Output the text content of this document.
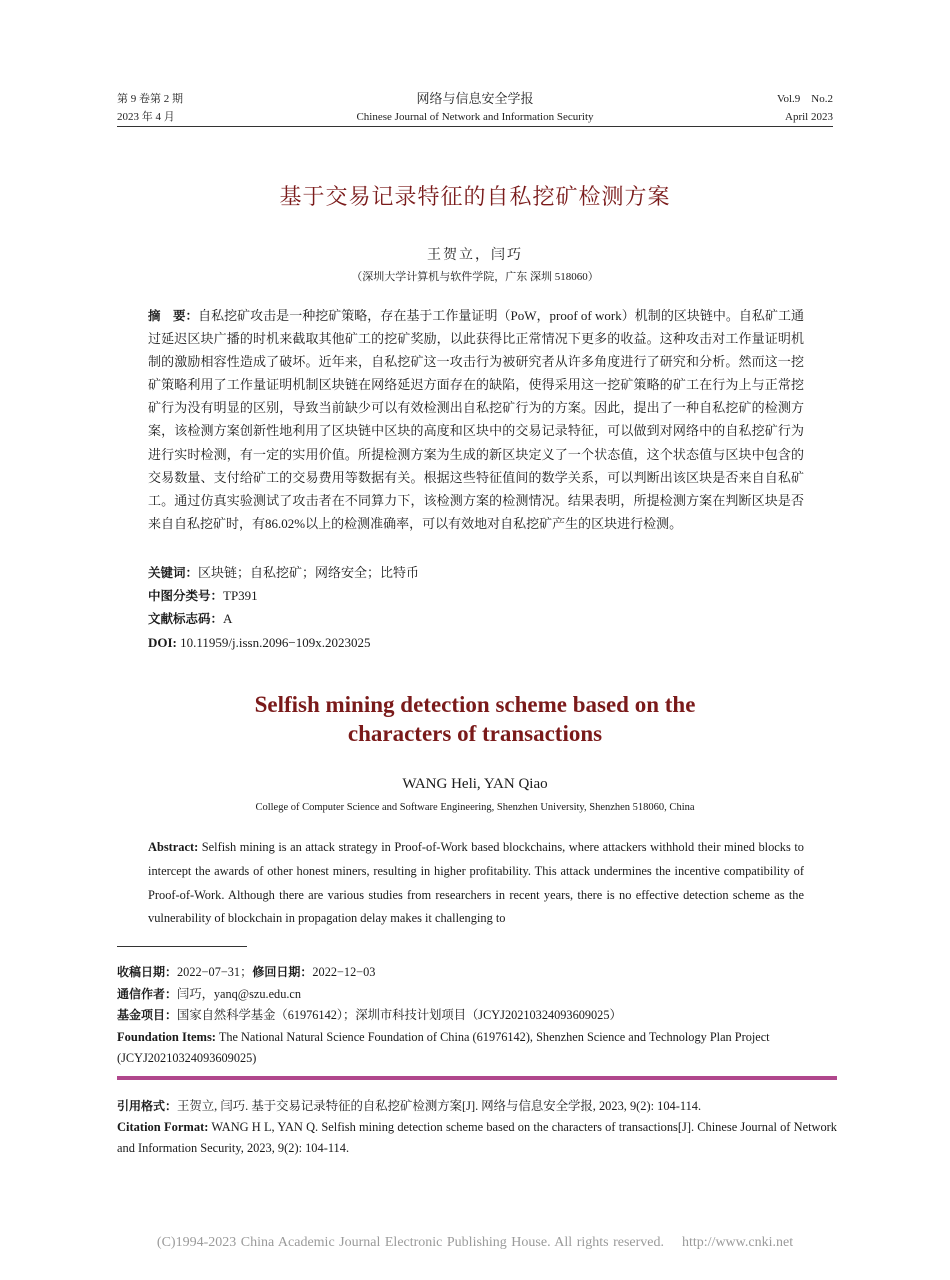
第 9 卷第 2 期
2023 年 4 月
网络与信息安全学报
Chinese Journal of Network and Information Security
Vol.9    No.2
April 2023
基于交易记录特征的自私挖矿检测方案
王贺立，闫巧
（深圳大学计算机与软件学院，广东 深圳 518060）
摘　要：自私挖矿攻击是一种挖矿策略，存在基于工作量证明（PoW，proof of work）机制的区块链中。自私矿工通过延迟区块广播的时机来截取其他矿工的挖矿奖励，以此获得比正常情况下更多的收益。这种攻击对工作量证明机制的激励相容性造成了破坏。近年来，自私挖矿这一攻击行为被研究者从许多角度进行了研究和分析。然而这一挖矿策略利用了工作量证明机制区块链在网络延迟方面存在的缺陷，使得采用这一挖矿策略的矿工在行为上与正常挖矿行为没有明显的区别，导致当前缺少可以有效检测出自私挖矿行为的方案。因此，提出了一种自私挖矿的检测方案，该检测方案创新性地利用了区块链中区块的高度和区块中的交易记录特征，可以做到对网络中的自私挖矿行为进行实时检测，有一定的实用价值。所提检测方案为生成的新区块定义了一个状态值，这个状态值与区块中包含的交易数量、支付给矿工的交易费用等数据有关。根据这些特征值间的数学关系，可以判断出该区块是否来自自私矿工。通过仿真实验测试了攻击者在不同算力下，该检测方案的检测情况。结果表明，所提检测方案在判断区块是否来自自私挖矿时，有86.02%以上的检测准确率，可以有效地对自私挖矿产生的区块进行检测。
关键词：区块链；自私挖矿；网络安全；比特币
中图分类号：TP391
文献标志码：A
DOI: 10.11959/j.issn.2096−109x.2023025
Selfish mining detection scheme based on the
characters of transactions
WANG Heli, YAN Qiao
College of Computer Science and Software Engineering, Shenzhen University, Shenzhen 518060, China
Abstract: Selfish mining is an attack strategy in Proof-of-Work based blockchains, where attackers withhold their mined blocks to intercept the awards of other honest miners, resulting in higher profitability. This attack undermines the incentive compatibility of Proof-of-Work. Although there are various studies from researchers in recent years, there is no effective detection scheme as the vulnerability of blockchain in propagation delay makes it challenging to
收稿日期：2022−07−31；修回日期：2022−12−03
通信作者：闫巧，yanq@szu.edu.cn
基金项目：国家自然科学基金（61976142）；深圳市科技计划项目（JCYJ20210324093609025）
Foundation Items: The National Natural Science Foundation of China (61976142), Shenzhen Science and Technology Plan Project (JCYJ20210324093609025)
引用格式：王贺立, 闫巧. 基于交易记录特征的自私挖矿检测方案[J]. 网络与信息安全学报, 2023, 9(2): 104-114.
Citation Format: WANG H L, YAN Q. Selfish mining detection scheme based on the characters of transactions[J]. Chinese Journal of Network and Information Security, 2023, 9(2): 104-114.
(C)1994-2023 China Academic Journal Electronic Publishing House. All rights reserved. http://www.cnki.net
